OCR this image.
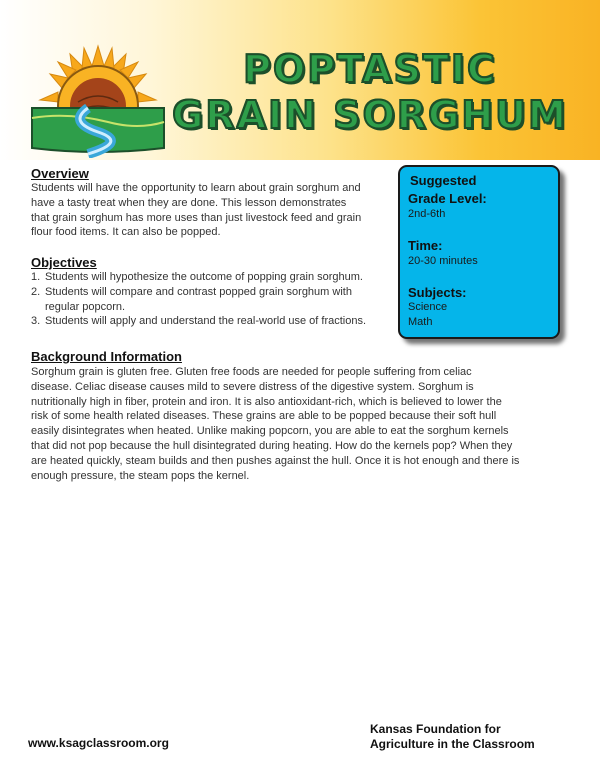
POPTASTIC
GRAIN SORGHUM
Overview
Students will have the opportunity to learn about grain sorghum and
have a tasty treat when they are done. This lesson demonstrates
that grain sorghum has more uses than just livestock feed and grain
flour food items. It can also be popped.
Objectives
1. Students will hypothesize the outcome of popping grain sorghum.
2. Students will compare and contrast popped grain sorghum with
regular popcorn.
3. Students will apply and understand the real-world use of fractions.
Background Information
Sorghum grain is gluten free. Gluten free foods are needed for people suffering from celiac
disease. Celiac disease causes mild to severe distress of the digestive system. Sorghum is
nutritionally high in fiber, protein and iron. It is also antioxidant-rich, which is believed to lower the
risk of some health related diseases. These grains are able to be popped because their soft hull
easily disintegrates when heated. Unlike making popcorn, you are able to eat the sorghum kernels
that did not pop because the hull disintegrated during heating. How do the kernels pop? When they
are heated quickly, steam builds and then pushes against the hull. Once it is hot enough and there is
enough pressure, the steam pops the kernel.
Suggested
Grade Level:
2nd-6th
Time:
20-30 minutes
Subjects:
Science
Math
www.ksagclassroom.org
Kansas Foundation for
Agriculture in the Classroom
